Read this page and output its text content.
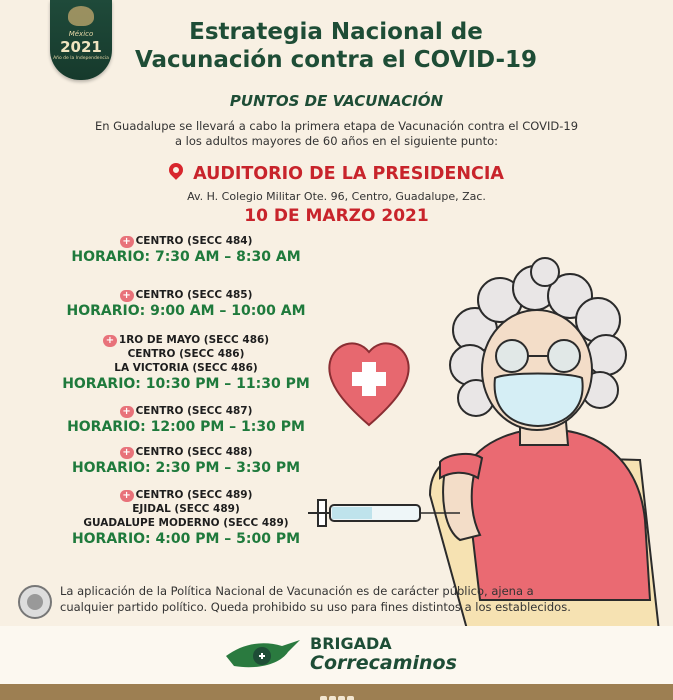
México
2021
Año de la Independencia
Estrategia Nacional de
Vacunación contra el COVID-19
PUNTOS DE VACUNACIÓN
En Guadalupe se llevará a cabo la primera etapa de Vacunación contra el COVID-19
a los adultos mayores de 60 años en el siguiente punto:
AUDITORIO DE LA PRESIDENCIA
Av. H. Colegio Militar Ote. 96, Centro, Guadalupe, Zac.
10 DE MARZO 2021
+ CENTRO (SECC 484)
HORARIO: 7:30 AM – 8:30 AM
+ CENTRO (SECC 485)
HORARIO: 9:00 AM – 10:00 AM
+ 1RO DE MAYO (SECC 486)
CENTRO (SECC 486)
LA VICTORIA (SECC 486)
HORARIO: 10:30 PM – 11:30 PM
+ CENTRO (SECC 487)
HORARIO: 12:00 PM – 1:30 PM
+ CENTRO (SECC 488)
HORARIO: 2:30 PM – 3:30 PM
+ CENTRO (SECC 489)
EJIDAL (SECC 489)
GUADALUPE MODERNO (SECC 489)
HORARIO: 4:00 PM – 5:00 PM
La aplicación de la Política Nacional de Vacunación es de carácter público, ajena a
cualquier partido político. Queda prohibido su uso para fines distintos a los establecidos.
BRIGADA
Correcaminos
